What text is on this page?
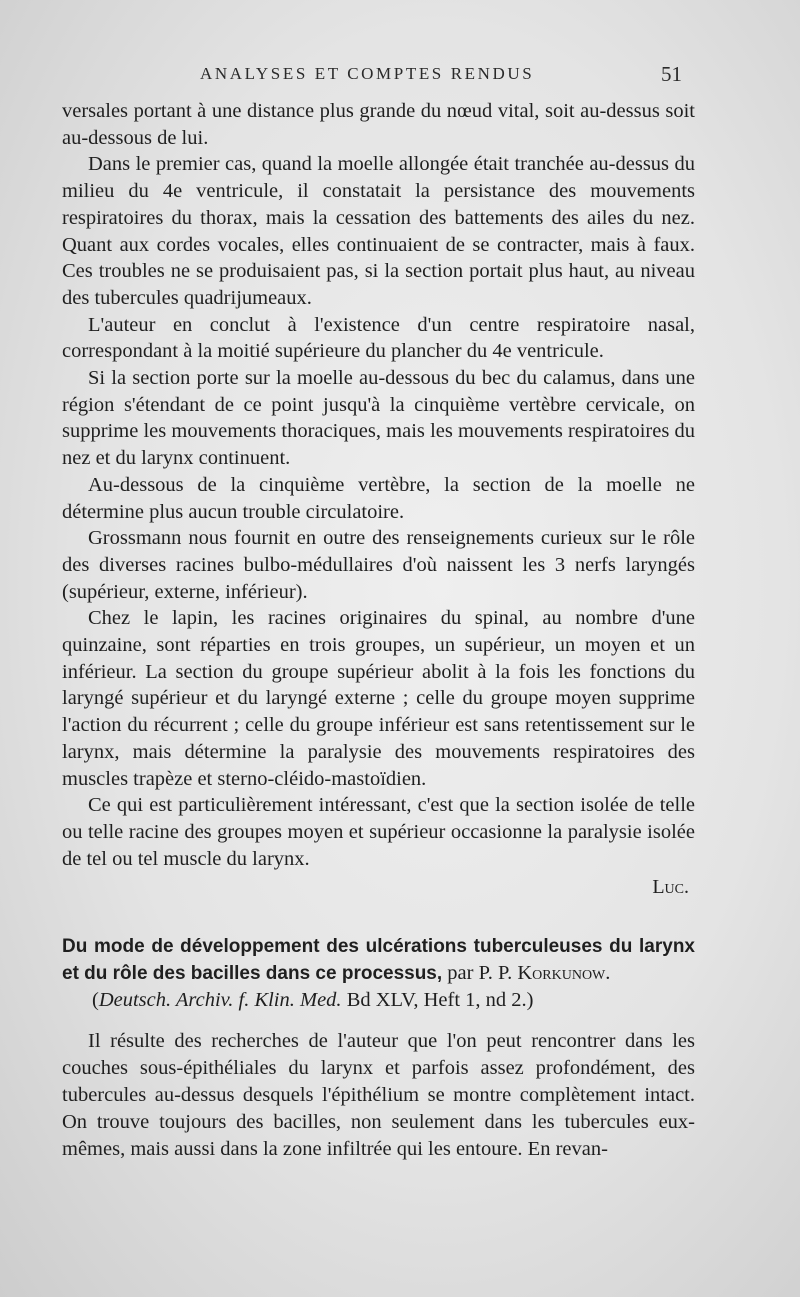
ANALYSES ET COMPTES RENDUS	51

versales portant à une distance plus grande du nœud vital, soit au-dessus soit au-dessous de lui.

Dans le premier cas, quand la moelle allongée était tranchée au-dessus du milieu du 4e ventricule, il constatait la persistance des mouvements respiratoires du thorax, mais la cessation des battements des ailes du nez. Quant aux cordes vocales, elles continuaient de se contracter, mais à faux. Ces troubles ne se produisaient pas, si la section portait plus haut, au niveau des tubercules quadrijumeaux.

L'auteur en conclut à l'existence d'un centre respiratoire nasal, correspondant à la moitié supérieure du plancher du 4e ventricule.

Si la section porte sur la moelle au-dessous du bec du calamus, dans une région s'étendant de ce point jusqu'à la cinquième vertèbre cervicale, on supprime les mouvements thoraciques, mais les mouvements respiratoires du nez et du larynx continuent.

Au-dessous de la cinquième vertèbre, la section de la moelle ne détermine plus aucun trouble circulatoire.

Grossmann nous fournit en outre des renseignements curieux sur le rôle des diverses racines bulbo-médullaires d'où naissent les 3 nerfs laryngés (supérieur, externe, inférieur).

Chez le lapin, les racines originaires du spinal, au nombre d'une quinzaine, sont réparties en trois groupes, un supérieur, un moyen et un inférieur. La section du groupe supérieur abolit à la fois les fonctions du laryngé supérieur et du laryngé externe ; celle du groupe moyen supprime l'action du récurrent ; celle du groupe inférieur est sans retentissement sur le larynx, mais détermine la paralysie des mouvements respiratoires des muscles trapèze et sterno-cléido-mastoïdien.

Ce qui est particulièrement intéressant, c'est que la section isolée de telle ou telle racine des groupes moyen et supérieur occasionne la paralysie isolée de tel ou tel muscle du larynx.

Luc.

Du mode de développement des ulcérations tuberculeuses du larynx et du rôle des bacilles dans ce processus, par P. P. Korkunow.
(Deutsch. Archiv. f. Klin. Med. Bd XLV, Heft 1, nd 2.)

Il résulte des recherches de l'auteur que l'on peut rencontrer dans les couches sous-épithéliales du larynx et parfois assez profondément, des tubercules au-dessus desquels l'épithélium se montre complètement intact. On trouve toujours des bacilles, non seulement dans les tubercules eux-mêmes, mais aussi dans la zone infiltrée qui les entoure. En revan-
